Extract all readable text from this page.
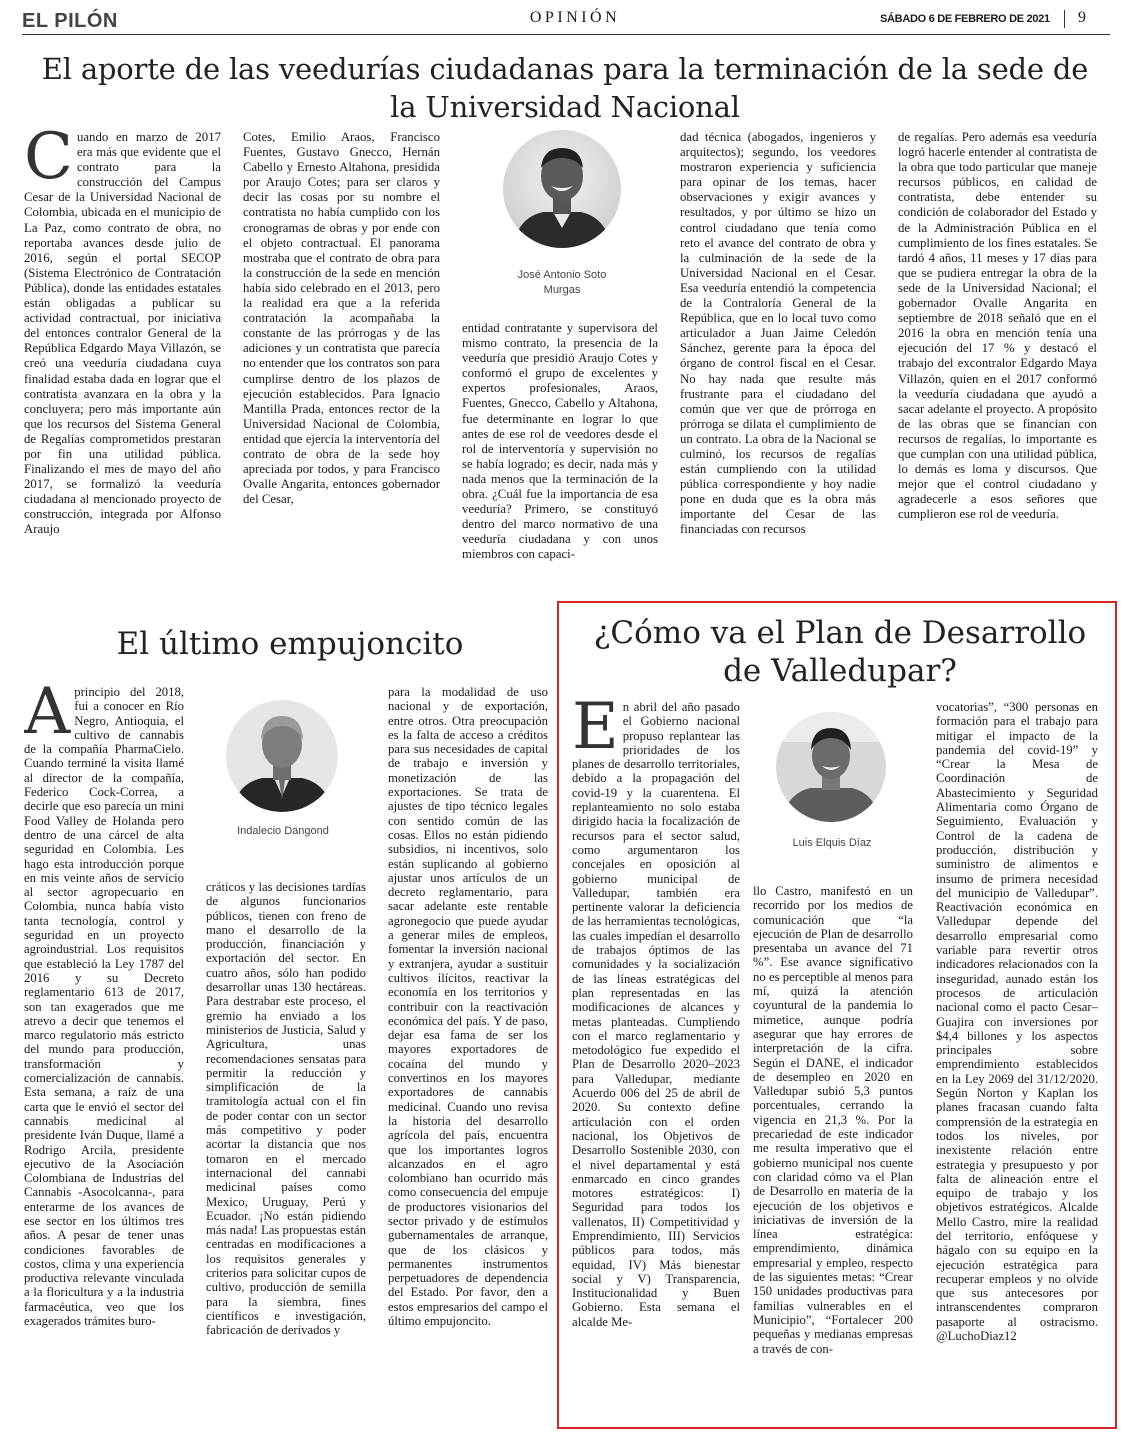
EL PILÓN	OPINIÓN	SÁBADO 6 DE FEBRERO DE 2021 9
El aporte de las veedurías ciudadanas para la terminación de la sede de la Universidad Nacional
C uando en marzo de 2017 era más que evidente que el contrato para la construcción del Campus Cesar de la Universidad Nacional de Colombia, ubicada en el municipio de La Paz, como contrato de obra, no reportaba avances desde julio de 2016, según el portal SECOP (Sistema Electrónico de Contratación Pública), donde las entidades estatales están obligadas a publicar su actividad contractual, por iniciativa del entonces contralor General de la República Edgardo Maya Villazón, se creó una veeduría ciudadana cuya finalidad estaba dada en lograr que el contratista avanzara en la obra y la concluyera; pero más importante aún que los recursos del Sistema General de Regalías comprometidos prestaran por fin una utilidad pública. Finalizando el mes de mayo del año 2017, se formalizó la veeduría ciudadana al mencionado proyecto de construcción, integrada por Alfonso Araujo

Cotes, Emilio Araos, Francisco Fuentes, Gustavo Gnecco, Hernán Cabello y Ernesto Altahona, presidida por Araujo Cotes; para ser claros y decir las cosas por su nombre el contratista no había cumplido con los cronogramas de obras y por ende con el objeto contractual. El panorama mostraba que el contrato de obra para la construcción de la sede en mención había sido celebrado en el 2013, pero la realidad era que a la referida contratación la acompañaba la constante de las prórrogas y de las adiciones y un contratista que parecía no entender que los contratos son para cumplirse dentro de los plazos de ejecución establecidos. Para Ignacio Mantilla Prada, entonces rector de la Universidad Nacional de Colombia, entidad que ejercía la interventoría del contrato de obra de la sede hoy apreciada por todos, y para Francisco Ovalle Angarita, entonces gobernador del Cesar,

José Antonio Soto Murgas

entidad contratante y supervisora del mismo contrato, la presencia de la veeduría que presidió Araujo Cotes y conformó el grupo de excelentes y expertos profesionales, Araos, Fuentes, Gnecco, Cabello y Altahona, fue determinante en lograr lo que antes de ese rol de veedores desde el rol de interventoría y supervisión no se había logrado; es decir, nada más y nada menos que la terminación de la obra. ¿Cuál fue la importancia de esa veeduría? Primero, se constituyó dentro del marco normativo de una veeduría ciudadana y con unos miembros con capaci-

dad técnica (abogados, ingenieros y arquitectos); segundo, los veedores mostraron experiencia y suficiencia para opinar de los temas, hacer observaciones y exigir avances y resultados, y por último se hizo un control ciudadano que tenía como reto el avance del contrato de obra y la culminación de la sede de la Universidad Nacional en el Cesar. Esa veeduría entendió la competencia de la Contraloría General de la República, que en lo local tuvo como articulador a Juan Jaime Celedón Sánchez, gerente para la época del órgano de control fiscal en el Cesar. No hay nada que resulte más frustrante para el ciudadano del común que ver que de prórroga en prórroga se dilata el cumplimiento de un contrato. La obra de la Nacional se culminó, los recursos de regalías están cumpliendo con la utilidad pública correspondiente y hoy nadie pone en duda que es la obra más importante del Cesar de las financiadas con recursos

de regalías. Pero además esa veeduría logró hacerle entender al contratista de la obra que todo particular que maneje recursos públicos, en calidad de contratista, debe entender su condición de colaborador del Estado y de la Administración Pública en el cumplimiento de los fines estatales. Se tardó 4 años, 11 meses y 17 días para que se pudiera entregar la obra de la sede de la Universidad Nacional; el gobernador Ovalle Angarita en septiembre de 2018 señaló que en el 2016 la obra en mención tenía una ejecución del 17 % y destacó el trabajo del excontralor Edgardo Maya Villazón, quien en el 2017 conformó la veeduría ciudadana que ayudó a sacar adelante el proyecto. A propósito de las obras que se financian con recursos de regalías, lo importante es que cumplan con una utilidad pública, lo demás es loma y discursos. Que mejor que el control ciudadano y agradecerle a esos señores que cumplieron ese rol de veeduría.

El último empujoncito
A principio del 2018, fui a conocer en Río Negro, Antioquia, el cultivo de cannabis de la compañía PharmaCielo. Cuando terminé la visita llamé al director de la compañía, Federico Cock-Correa, a decirle que eso parecía un mini Food Valley de Holanda pero dentro de una cárcel de alta seguridad en Colombia. Les hago esta introducción porque en mis veinte años de servicio al sector agropecuario en Colombia, nunca había visto tanta tecnología, control y seguridad en un proyecto agroindustrial. Los requisitos que estableció la Ley 1787 del 2016 y su Decreto reglamentario 613 de 2017, son tan exagerados que me atrevo a decir que tenemos el marco regulatorio más estricto del mundo para producción, transformación y comercialización de cannabis. Esta semana, a raíz de una carta que le envió el sector del cannabis medicinal al presidente Iván Duque, llamé a Rodrigo Arcila, presidente ejecutivo de la Asociación Colombiana de Industrias del Cannabis -Asocolcanna-, para enterarme de los avances de ese sector en los últimos tres años. A pesar de tener unas condiciones favorables de costos, clima y una experiencia productiva relevante vinculada a la floricultura y a la industria farmacéutica, veo que los exagerados trámites buro-

Indalecio Dangond

cráticos y las decisiones tardías de algunos funcionarios públicos, tienen con freno de mano el desarrollo de la producción, financiación y exportación del sector. En cuatro años, sólo han podido desarrollar unas 130 hectáreas. Para destrabar este proceso, el gremio ha enviado a los ministerios de Justicia, Salud y Agricultura, unas recomendaciones sensatas para permitir la reducción y simplificación de la tramitología actual con el fin de poder contar con un sector más competitivo y poder acortar la distancia que nos tomaron en el mercado internacional del cannabi medicinal países como Mexico, Uruguay, Perú y Ecuador. ¡No están pidiendo más nada! Las propuestas están centradas en modificaciones a los requisitos generales y criterios para solicitar cupos de cultivo, producción de semilla para la siembra, fines científicos e investigación, fabricación de derivados y

para la modalidad de uso nacional y de exportación, entre otros. Otra preocupación es la falta de acceso a créditos para sus necesidades de capital de trabajo e inversión y monetización de las exportaciones. Se trata de ajustes de tipo técnico legales con sentido común de las cosas. Ellos no están pidiendo subsidios, ni incentivos, solo están suplicando al gobierno ajustar unos artículos de un decreto reglamentario, para sacar adelante este rentable agronegocio que puede ayudar a generar miles de empleos, fomentar la inversión nacional y extranjera, ayudar a sustituir cultivos ilícitos, reactivar la economía en los territorios y contribuir con la reactivación económica del país. Y de paso, dejar esa fama de ser los mayores exportadores de cocaína del mundo y convertinos en los mayores exportadores de cannabis medicinal. Cuando uno revisa la historia del desarrollo agrícola del país, encuentra que los importantes logros alcanzados en el agro colombiano han ocurrido más como consecuencia del empuje de productores visionarios del sector privado y de estímulos gubernamentales de arranque, que de los clásicos y permanentes instrumentos perpetuadores de dependencia del Estado. Por favor, den a estos empresarios del campo el último empujoncito.

¿Cómo va el Plan de Desarrollo de Valledupar?
E n abril del año pasado el Gobierno nacional propuso replantear las prioridades de los planes de desarrollo territoriales, debido a la propagación del covid-19 y la cuarentena. El replanteamiento no solo estaba dirigido hacia la focalización de recursos para el sector salud, como argumentaron los concejales en oposición al gobierno municipal de Valledupar, también era pertinente valorar la deficiencia de las herramientas tecnológicas, las cuales impedían el desarrollo de trabajos óptimos de las comunidades y la socialización de las líneas estratégicas del plan representadas en las modificaciones de alcances y metas planteadas. Cumpliendo con el marco reglamentario y metodológico fue expedido el Plan de Desarrollo 2020–2023 para Valledupar, mediante Acuerdo 006 del 25 de abril de 2020. Su contexto define articulación con el orden nacional, los Objetivos de Desarrollo Sostenible 2030, con el nivel departamental y está enmarcado en cinco grandes motores estratégicos: I) Seguridad para todos los vallenatos, II) Competitividad y Emprendimiento, III) Servicios públicos para todos, más equidad, IV) Más bienestar social y V) Transparencia, Institucionalidad y Buen Gobierno. Esta semana el alcalde Me-

Luis Elquis Díaz

llo Castro, manifestó en un recorrido por los medios de comunicación que “la ejecución de Plan de desarrollo presentaba un avance del 71 %”. Ese avance significativo no es perceptible al menos para mí, quizá la atención coyuntural de la pandemia lo mimetice, aunque podría asegurar que hay errores de interpretación de la cifra. Según el DANE, el indicador de desempleo en 2020 en Valledupar subió 5,3 puntos porcentuales, cerrando la vigencia en 21,3 %. Por la precariedad de este indicador me resulta imperativo que el gobierno municipal nos cuente con claridad cómo va el Plan de Desarrollo en materia de la ejecución de los objetivos e iniciativas de inversión de la línea estratégica: emprendimiento, dinámica empresarial y empleo, respecto de las siguientes metas: “Crear 150 unidades productivas para familias vulnerables en el Municipio”, “Fortalecer 200 pequeñas y medianas empresas a través de con-

vocatorias”, “300 personas en formación para el trabajo para mitigar el impacto de la pandemia del covid-19” y “Crear la Mesa de Coordinación de Abastecimiento y Seguridad Alimentaria como Órgano de Seguimiento, Evaluación y Control de la cadena de producción, distribución y suministro de alimentos e insumo de primera necesidad del municipio de Valledupar”. Reactivación económica en Valledupar depende del desarrollo empresarial como variable para revertir otros indicadores relacionados con la inseguridad, aunado están los procesos de articulación nacional como el pacto Cesar–Guajira con inversiones por $4,4 billones y los aspectos principales sobre emprendimiento establecidos en la Ley 2069 del 31/12/2020. Según Norton y Kaplan los planes fracasan cuando falta comprensión de la estrategia en todos los niveles, por inexistente relación entre estrategia y presupuesto y por falta de alineación entre el equipo de trabajo y los objetivos estratégicos. Alcalde Mello Castro, mire la realidad del territorio, enfóquese y hágalo con su equipo en la ejecución estratégica para recuperar empleos y no olvide que sus antecesores por intranscendentes compraron pasaporte al ostracismo. @LuchoDiaz12
